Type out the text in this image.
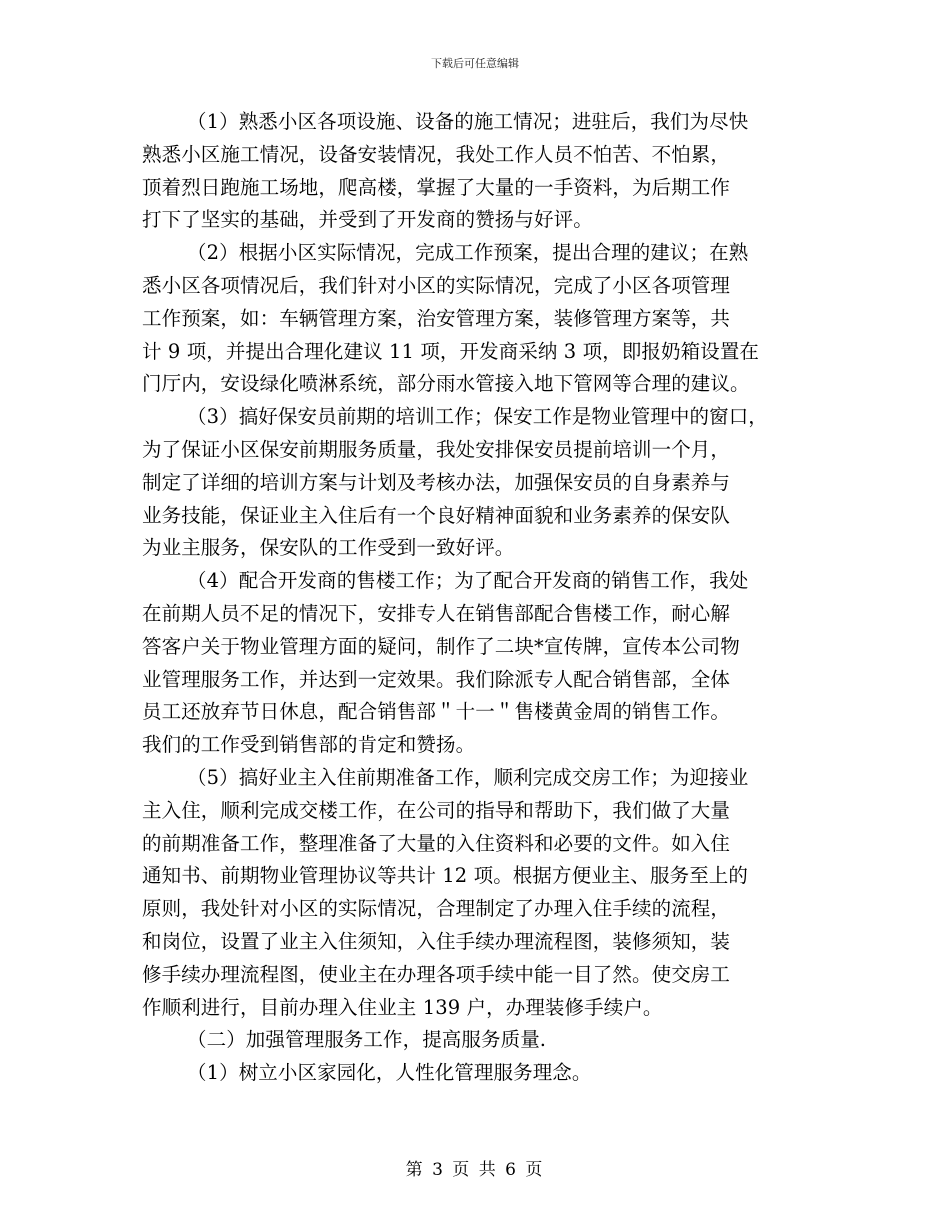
下载后可任意编辑
（1）熟悉小区各项设施、设备的施工情况；进驻后，我们为尽快
熟悉小区施工情况，设备安装情况，我处工作人员不怕苦、不怕累，
顶着烈日跑施工场地，爬高楼，掌握了大量的一手资料，为后期工作
打下了坚实的基础，并受到了开发商的赞扬与好评。
（2）根据小区实际情况，完成工作预案，提出合理的建议；在熟
悉小区各项情况后，我们针对小区的实际情况，完成了小区各项管理
工作预案，如：车辆管理方案，治安管理方案，装修管理方案等，共
计 9 项，并提出合理化建议 11 项，开发商采纳 3 项，即报奶箱设置在
门厅内，安设绿化喷淋系统，部分雨水管接入地下管网等合理的建议。
（3）搞好保安员前期的培训工作；保安工作是物业管理中的窗口，
为了保证小区保安前期服务质量，我处安排保安员提前培训一个月，
制定了详细的培训方案与计划及考核办法，加强保安员的自身素养与
业务技能，保证业主入住后有一个良好精神面貌和业务素养的保安队
为业主服务，保安队的工作受到一致好评。
（4）配合开发商的售楼工作；为了配合开发商的销售工作，我处
在前期人员不足的情况下，安排专人在销售部配合售楼工作，耐心解
答客户关于物业管理方面的疑问，制作了二块*宣传牌，宣传本公司物
业管理服务工作，并达到一定效果。我们除派专人配合销售部，全体
员工还放弃节日休息，配合销售部＂十一＂售楼黄金周的销售工作。
我们的工作受到销售部的肯定和赞扬。
（5）搞好业主入住前期准备工作，顺利完成交房工作；为迎接业
主入住，顺利完成交楼工作，在公司的指导和帮助下，我们做了大量
的前期准备工作，整理准备了大量的入住资料和必要的文件。如入住
通知书、前期物业管理协议等共计 12 项。根据方便业主、服务至上的
原则，我处针对小区的实际情况，合理制定了办理入住手续的流程，
和岗位，设置了业主入住须知，入住手续办理流程图，装修须知，装
修手续办理流程图，使业主在办理各项手续中能一目了然。使交房工
作顺利进行，目前办理入住业主 139 户，办理装修手续户。
（二）加强管理服务工作，提高服务质量.
（1）树立小区家园化，人性化管理服务理念。
第 3 页 共 6 页
